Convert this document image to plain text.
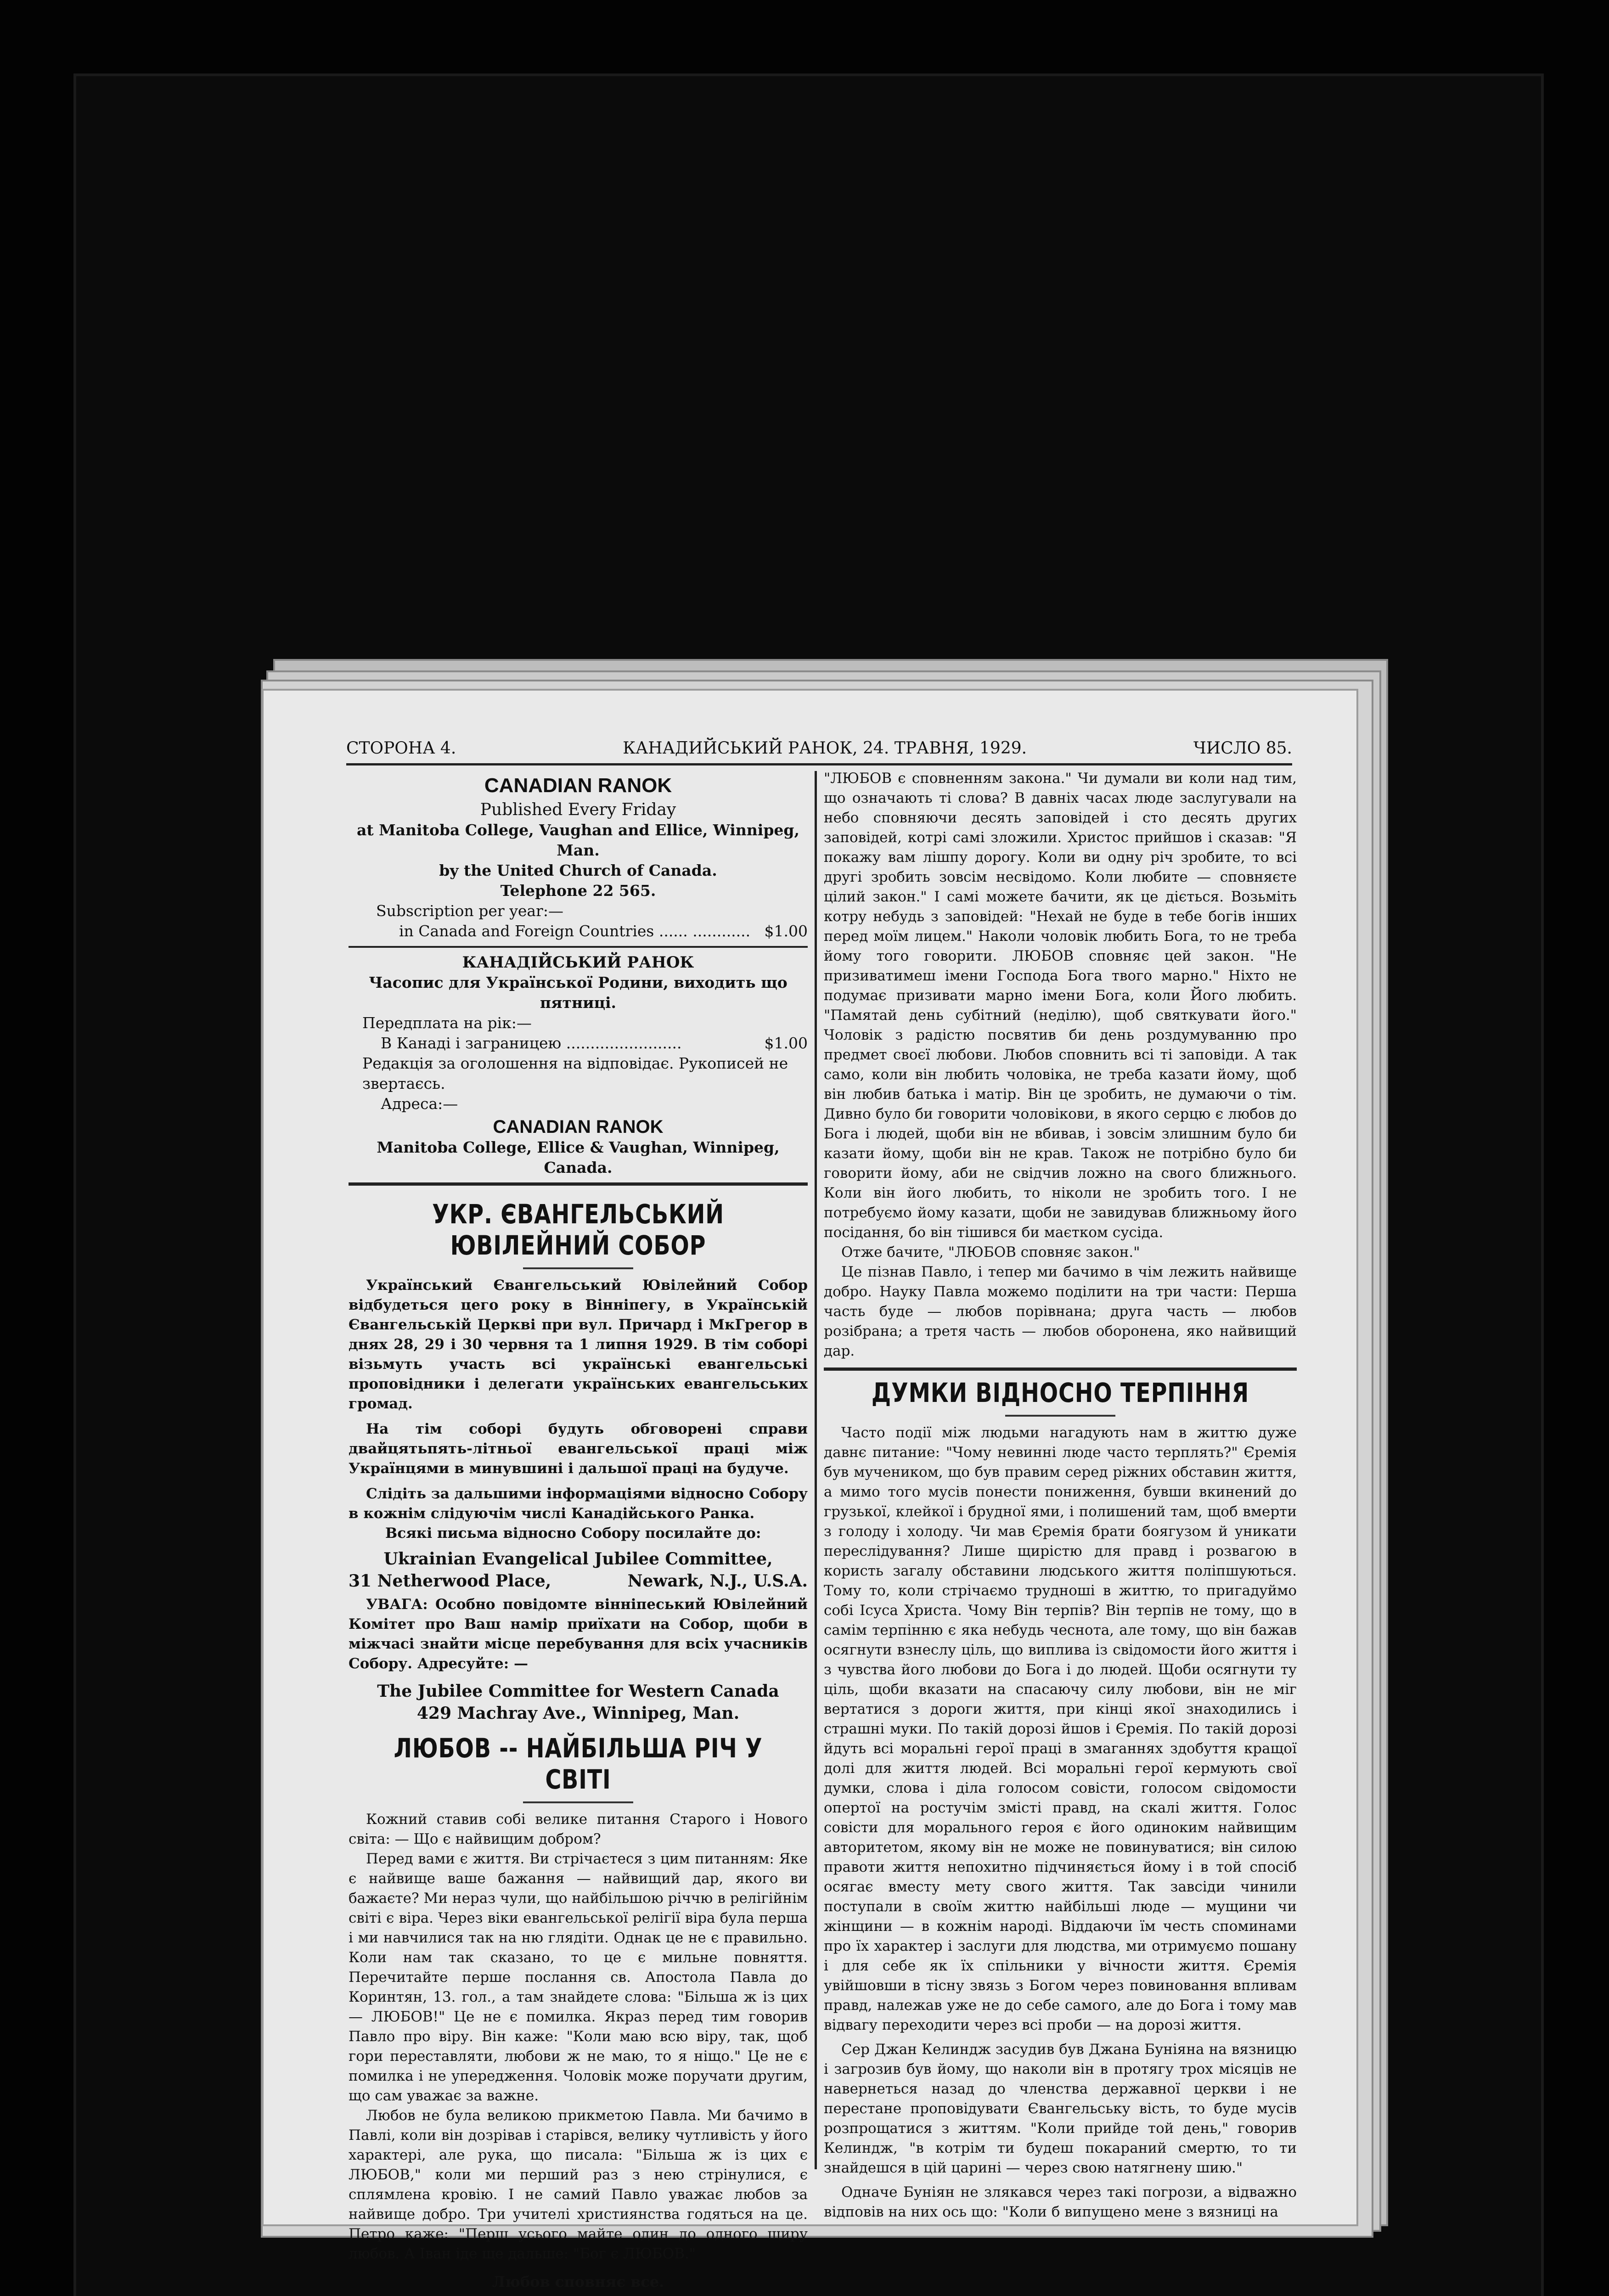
СТОРОНА 4.	КАНАДИЙСЬКИЙ РАНОК, 24. ТРАВНЯ, 1929.	ЧИСЛО 85.
CANADIAN RANOK
Published Every Friday
at Manitoba College, Vaughan and Ellice, Winnipeg, Man.
by the United Church of Canada.
Telephone 22 565.
Subscription per year:—
in Canada and Foreign Countries ...... ............ $1.00
КАНАДІЙСЬКИЙ РАНОК
Часопис для Української Родини, виходить що пятниці.
Передплата на рік:—
В Канаді і заграницею ........................	$1.00
Редакція за оголошення на відповідає. Рукописей не звертаєсь.
Адреса:—
CANADIAN RANOK
Manitoba College, Ellice & Vaughan, Winnipeg, Canada.
УКР. ЄВАНГЕЛЬСЬКИЙ ЮВІЛЕЙНИЙ СОБОР

Український Євангельський Ювілейний Собор відбудеться цего року в Вінніпегу, в Українській Євангельській Церкві при вул. Причард і МкГрегор в днях 28, 29 і 30 червня та 1 липня 1929. В тім соборі візьмуть участь всі українські евангельські проповідники і делегати українських евангельських громад.

На тім соборі будуть обговорені справи двайцятьпять-літньої евангельської праці між Українцями в минувшині і дальшої праці на будуче.

Слідіть за дальшими інформаціями відносно Собору в кожнім слідуючім числі Канадійського Ранка.

Всякі письма відносно Собору посилайте до:

Ukrainian Evangelical Jubilee Committee,
31 Netherwood Place,	Newark, N.J., U.S.A.

УВАГА: Особно повідомте вінніпеський Ювілейний Комітет про Ваш намір приїхати на Собор, щоби в міжчасі знайти місце перебування для всіх учасників Собору. Адресуйте: —

The Jubilee Committee for Western Canada
429 Machray Ave., Winnipeg, Man.
ЛЮБОВ -- НАЙБІЛЬША РІЧ У СВІТІ

Кожний ставив собі велике питання Старого і Нового світа: — Що є найвищим добром?

Перед вами є життя. Ви стрічаєтеся з цим питанням: Яке є найвище ваше бажання — найвищий дар, якого ви бажаєте? Ми нераз чули, що найбільшою річчю в релігійнім світі є віра. Через віки евангельської релігії віра була перша і ми навчилися так на ню глядіти. Однак це не є правильно. Коли нам так сказано, то це є мильне повняття. Перечитайте перше послання св. Апостола Павла до Коринтян, 13. гол., а там знайдете слова: "Більша ж із цих — ЛЮБОВ!" Це не є помилка. Якраз перед тим говорив Павло про віру. Він каже: "Коли маю всю віру, так, щоб гори переставляти, любови ж не маю, то я ніщо." Це не є помилка і не упередження. Чоловік може поручати другим, що сам уважає за важне.

Любов не була великою прикметою Павла. Ми бачимо в Павлі, коли він дозрівав і старівся, велику чутливість у його характері, але рука, що писала: "Більша ж із цих є ЛЮБОВ," коли ми перший раз з нею стрінулися, є сплямлена кровію. І не самий Павло уважає любов за найвище добро. Три учителі християнства годяться на це. Петро каже: "Перш усього майте один до одного щиру любов. А Іван іде ще дальше: "Бог є ЛЮБОВ."

Любов сповняє все.

"ЛЮБОВ є сповненням закона." Чи думали ви коли над тим, що означають ті слова? В давніх часах люде заслугували на небо сповняючи десять заповідей і сто десять других заповідей, котрі самі зложили. Христос прийшов і сказав: "Я покажу вам лішпу дорогу. Коли ви одну річ зробите, то всі другі зробить зовсім несвідомо. Коли любите — сповняєте цілий закон." І самі можете бачити, як це діється. Возьміть котру небудь з заповідей: "Нехай не буде в тебе богів інших перед моїм лицем." Наколи чоловік любить Бога, то не треба йому того говорити. ЛЮБОВ сповняє цей закон. "Не призиватимеш імени Господа Бога твого марно." Ніхто не подумає призивати марно імени Бога, коли Його любить. "Памятай день субітний (неділю), щоб святкувати його." Чоловік з радістю посвятив би день роздумуванню про предмет своєї любови. Любов сповнить всі ті заповіди. А так само, коли він любить чоловіка, не треба казати йому, щоб він любив батька і матір. Він це зробить, не думаючи о тім. Дивно було би говорити чоловікови, в якого серцю є любов до Бога і людей, щоби він не вбивав, і зовсім злишним було би казати йому, щоби він не крав. Також не потрібно було би говорити йому, аби не свідчив ложно на свого ближнього. Коли він його любить, то ніколи не зробить того. І не потребуємо йому казати, щоби не завидував ближньому його посідання, бо він тішився би маєтком сусіда.

Отже бачите, "ЛЮБОВ сповняє закон."

Це пізнав Павло, і тепер ми бачимо в чім лежить найвище добро. Науку Павла можемо поділити на три части: Перша часть буде — любов порівнана; друга часть — любов розібрана; а третя часть — любов оборонена, яко найвищий дар.

ДУМКИ ВІДНОСНО ТЕРПІННЯ

Часто події між людьми нагадують нам в життю дуже давнє питание: "Чому невинні люде часто терплять?" Єремія був мучеником, що був правим серед ріжних обставин життя, а мимо того мусів понести пониження, бувши вкинений до грузької, клейкої і брудної ями, і полишений там, щоб вмерти з голоду і холоду. Чи мав Єремія брати боягузом й уникати переслідування? Лише щирістю для правд і розвагою в користь загалу обставини людського життя поліпшуються. Тому то, коли стрічаємо трудноші в життю, то пригадуймо собі Ісуса Христа. Чому Він терпів? Він терпів не тому, що в самім терпінню є яка небудь чеснота, але тому, що він бажав осягнути взнеслу ціль, що виплива із свідомости його життя і з чувства його любови до Бога і до людей. Щоби осягнути ту ціль, щоби вказати на спасаючу силу любови, він не міг вертатися з дороги життя, при кінці якої знаходились і страшні муки. По такій дорозі йшов і Єремія. По такій дорозі йдуть всі моральні герої праці в змаганнях здобуття кращої долі для життя людей. Всі моральні герої кермують свої думки, слова і діла голосом совісти, голосом свідомости опертої на ростучім змісті правд, на скалі життя. Голос совісти для морального героя є його одиноким найвищим авторитетом, якому він не може не повинуватися; він силою правоти життя непохитно підчиняється йому і в той спосіб осягає вместу мету свого життя. Так завсіди чинили поступали в своїм життю найбільші люде — мущини чи жінщини — в кожнім народі. Віддаючи їм честь споминами про їх характер і заслуги для людства, ми отримуємо пошану і для себе як їх спільники у вічности життя. Єремія увійшовши в тісну звязь з Богом через повиновання впливам правд, належав уже не до себе самого, але до Бога і тому мав відвагу переходити через всі проби — на дорозі життя.

Сер Джан Келиндж засудив був Джана Буніяна на вязницю і загрозив був йому, що наколи він в протягу трох місяців не навернеться назад до членства державної церкви і не перестане проповідувати Євангельську вість, то буде мусів розпрощатися з життям. "Коли прийде той день," говорив Келиндж, "в котрім ти будеш покараний смертю, то ти знайдешся в цій царині — через свою натягнену шию."

Одначе Буніян не злякався через такі погрози, а відважно відповів на них ось що: "Коли б випущено мене з вязниці на
